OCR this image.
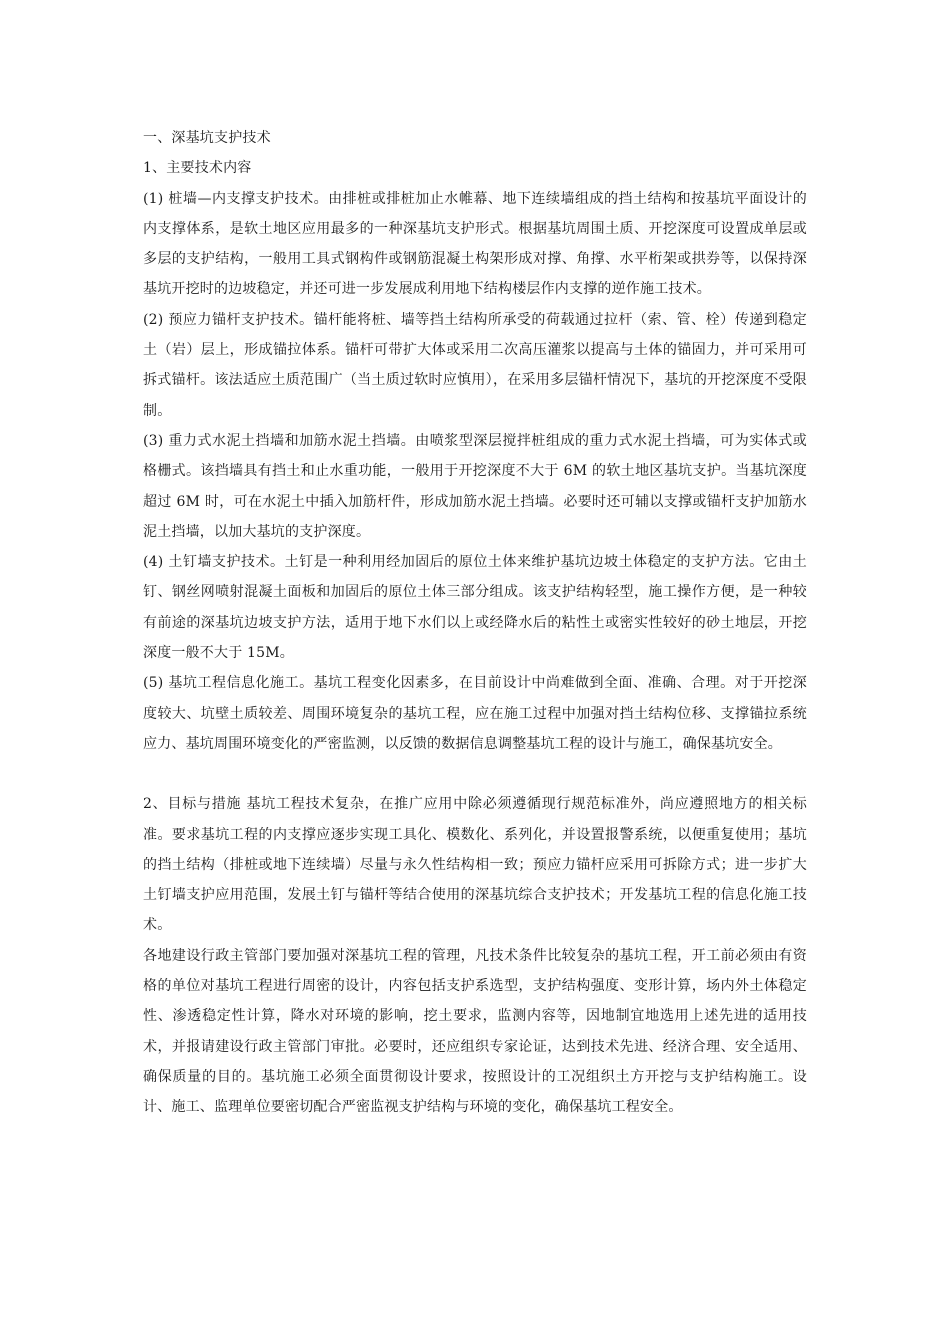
一、深基坑支护技术

1、主要技术内容

(1) 桩墙—内支撑支护技术。由排桩或排桩加止水帷幕、地下连续墙组成的挡土结构和按基坑平面设计的内支撑体系，是软土地区应用最多的一种深基坑支护形式。根据基坑周围土质、开挖深度可设置成单层或多层的支护结构，一般用工具式钢构件或钢筋混凝土构架形成对撑、角撑、水平桁架或拱券等，以保持深基坑开挖时的边坡稳定，并还可进一步发展成利用地下结构楼层作内支撑的逆作施工技术。

(2) 预应力锚杆支护技术。锚杆能将桩、墙等挡土结构所承受的荷载通过拉杆（索、管、栓）传递到稳定土（岩）层上，形成锚拉体系。锚杆可带扩大体或采用二次高压灌浆以提高与土体的锚固力，并可采用可拆式锚杆。该法适应土质范围广（当土质过软时应慎用），在采用多层锚杆情况下，基坑的开挖深度不受限制。

(3) 重力式水泥土挡墙和加筋水泥土挡墙。由喷浆型深层搅拌桩组成的重力式水泥土挡墙，可为实体式或格栅式。该挡墙具有挡土和止水重功能，一般用于开挖深度不大于 6M 的软土地区基坑支护。当基坑深度超过 6M 时，可在水泥土中插入加筋杆件，形成加筋水泥土挡墙。必要时还可辅以支撑或锚杆支护加筋水泥土挡墙，以加大基坑的支护深度。

(4) 土钉墙支护技术。土钉是一种利用经加固后的原位土体来维护基坑边坡土体稳定的支护方法。它由土钉、钢丝网喷射混凝土面板和加固后的原位土体三部分组成。该支护结构轻型，施工操作方便，是一种较有前途的深基坑边坡支护方法，适用于地下水们以上或经降水后的粘性土或密实性较好的砂土地层，开挖深度一般不大于 15M。

(5) 基坑工程信息化施工。基坑工程变化因素多，在目前设计中尚难做到全面、准确、合理。对于开挖深度较大、坑壁土质较差、周围环境复杂的基坑工程，应在施工过程中加强对挡土结构位移、支撑锚拉系统应力、基坑周围环境变化的严密监测，以反馈的数据信息调整基坑工程的设计与施工，确保基坑安全。

2、目标与措施 基坑工程技术复杂，在推广应用中除必须遵循现行规范标准外，尚应遵照地方的相关标准。要求基坑工程的内支撑应逐步实现工具化、模数化、系列化，并设置报警系统，以便重复使用；基坑的挡土结构（排桩或地下连续墙）尽量与永久性结构相一致；预应力锚杆应采用可拆除方式；进一步扩大土钉墙支护应用范围，发展土钉与锚杆等结合使用的深基坑综合支护技术；开发基坑工程的信息化施工技术。

各地建设行政主管部门要加强对深基坑工程的管理，凡技术条件比较复杂的基坑工程，开工前必须由有资格的单位对基坑工程进行周密的设计，内容包括支护系选型，支护结构强度、变形计算，场内外土体稳定性、渗透稳定性计算，降水对环境的影响，挖土要求，监测内容等，因地制宜地选用上述先进的适用技术，并报请建设行政主管部门审批。必要时，还应组织专家论证，达到技术先进、经济合理、安全适用、确保质量的目的。基坑施工必须全面贯彻设计要求，按照设计的工况组织土方开挖与支护结构施工。设计、施工、监理单位要密切配合严密监视支护结构与环境的变化，确保基坑工程安全。
